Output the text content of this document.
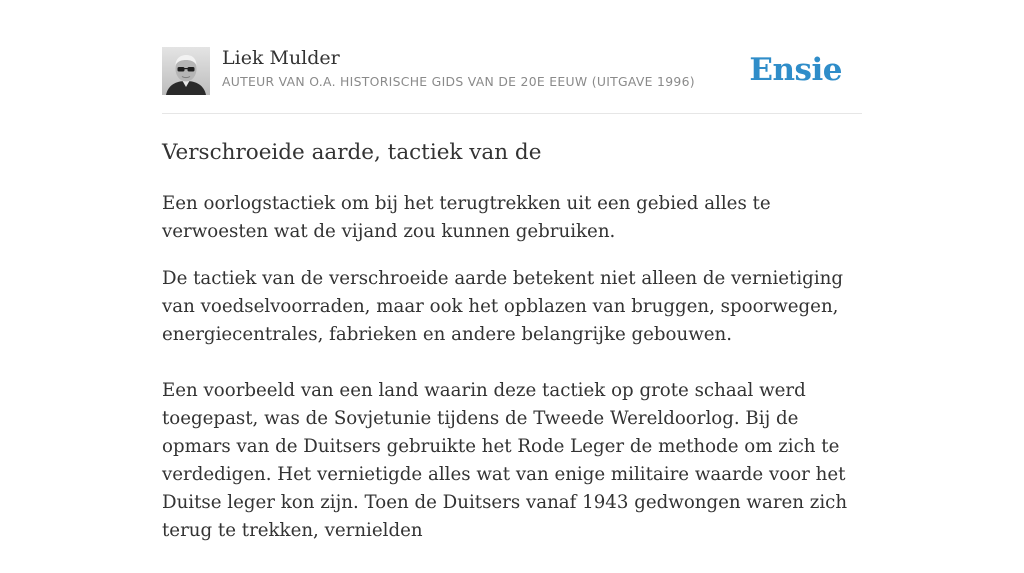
Liek Mulder
AUTEUR VAN O.A. HISTORISCHE GIDS VAN DE 20E EEUW (UITGAVE 1996) Ensie
Verschroeide aarde, tactiek van de

Een oorlogstactiek om bij het terugtrekken uit een gebied alles te verwoesten wat de vijand zou kunnen gebruiken.

De tactiek van de verschroeide aarde betekent niet alleen de vernietiging van voedselvoorraden, maar ook het opblazen van bruggen, spoorwegen, energiecentrales, fabrieken en andere belangrijke gebouwen.

Een voorbeeld van een land waarin deze tactiek op grote schaal werd toegepast, was de Sovjetunie tijdens de Tweede Wereldoorlog. Bij de opmars van de Duitsers gebruikte het Rode Leger de methode om zich te verdedigen. Het vernietigde alles wat van enige militaire waarde voor het Duitse leger kon zijn. Toen de Duitsers vanaf 1943 gedwongen waren zich terug te trekken, vernielden
